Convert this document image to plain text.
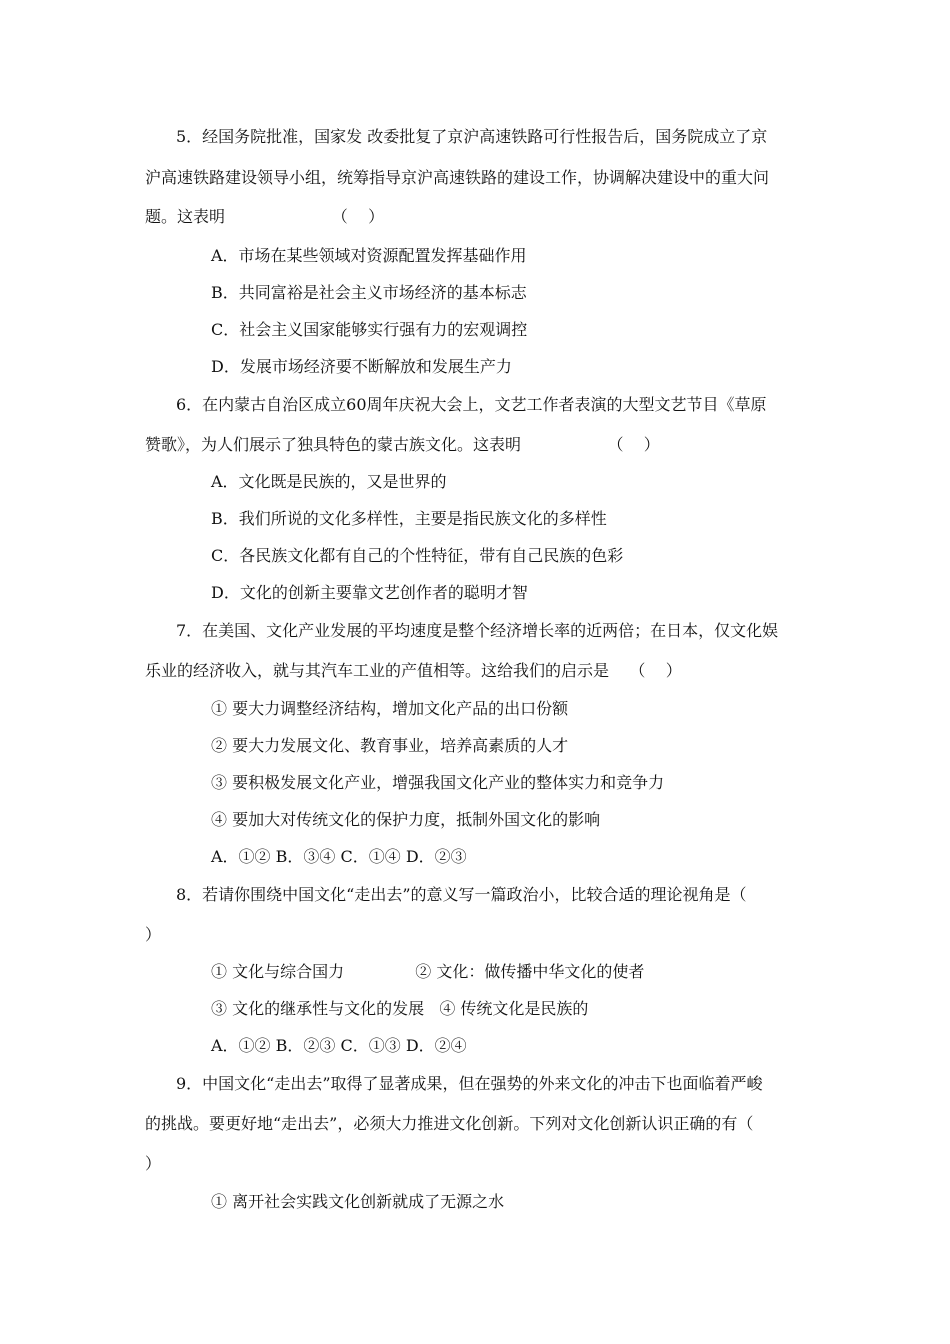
5．经国务院批准，国家发 改委批复了京沪高速铁路可行性报告后，国务院成立了京
沪高速铁路建设领导小组，统筹指导京沪高速铁路的建设工作，协调解决建设中的重大问
题。这表明                     （    ）
A．市场在某些领域对资源配置发挥基础作用
B．共同富裕是社会主义市场经济的基本标志
C．社会主义国家能够实行强有力的宏观调控
D．发展市场经济要不断解放和发展生产力
6．在内蒙古自治区成立60周年庆祝大会上，文艺工作者表演的大型文艺节目《草原
赞歌》，为人们展示了独具特色的蒙古族文化。这表明                 （    ）
A．文化既是民族的，又是世界的
B．我们所说的文化多样性，主要是指民族文化的多样性
C．各民族文化都有自己的个性特征，带有自己民族的色彩
D．文化的创新主要靠文艺创作者的聪明才智
7．在美国、文化产业发展的平均速度是整个经济增长率的近两倍；在日本，仅文化娱
乐业的经济收入，就与其汽车工业的产值相等。这给我们的启示是    （    ）
① 要大力调整经济结构，增加文化产品的出口份额
② 要大力发展文化、教育事业，培养高素质的人才
③ 要积极发展文化产业，增强我国文化产业的整体实力和竞争力
④ 要加大对传统文化的保护力度，抵制外国文化的影响
A．①② B．③④ C．①④ D．②③
8．若请你围绕中国文化“走出去”的意义写一篇政治小，比较合适的理论视角是（
）
① 文化与综合国力              ② 文化：做传播中华文化的使者
③ 文化的继承性与文化的发展   ④ 传统文化是民族的
A．①② B．②③ C．①③ D．②④
9．中国文化“走出去”取得了显著成果，但在强势的外来文化的冲击下也面临着严峻
的挑战。要更好地“走出去”，必须大力推进文化创新。下列对文化创新认识正确的有（
）
① 离开社会实践文化创新就成了无源之水
